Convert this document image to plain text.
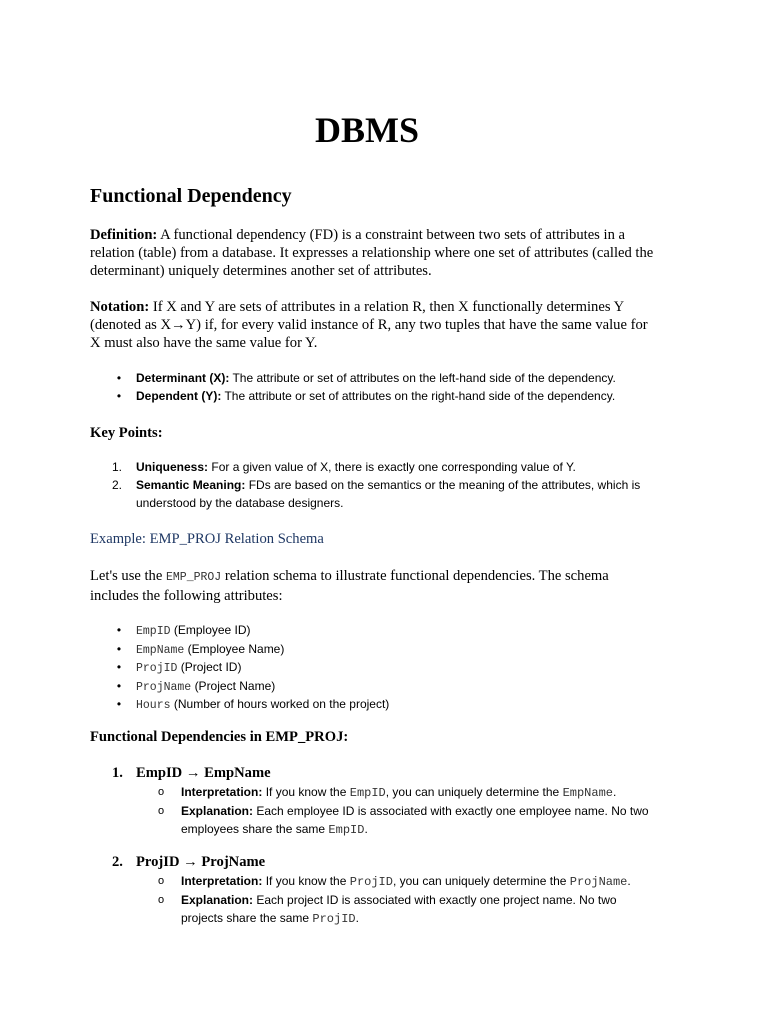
DBMS
Functional Dependency
Definition: A functional dependency (FD) is a constraint between two sets of attributes in a
relation (table) from a database. It expresses a relationship where one set of attributes (called the
determinant) uniquely determines another set of attributes.
Notation: If X and Y are sets of attributes in a relation R, then X functionally determines Y
(denoted as X→Y) if, for every valid instance of R, any two tuples that have the same value for
X must also have the same value for Y.
•	Determinant (X): The attribute or set of attributes on the left-hand side of the dependency.
•	Dependent (Y): The attribute or set of attributes on the right-hand side of the dependency.
Key Points:
1.	Uniqueness: For a given value of X, there is exactly one corresponding value of Y.
2.	Semantic Meaning: FDs are based on the semantics or the meaning of the attributes, which is
understood by the database designers.
Example: EMP_PROJ Relation Schema
Let's use the EMP_PROJ relation schema to illustrate functional dependencies. The schema
includes the following attributes:
•	EmpID (Employee ID)
•	EmpName (Employee Name)
•	ProjID (Project ID)
•	ProjName (Project Name)
•	Hours (Number of hours worked on the project)
Functional Dependencies in EMP_PROJ:
1. EmpID → EmpName
o Interpretation: If you know the EmpID, you can uniquely determine the EmpName.
o Explanation: Each employee ID is associated with exactly one employee name. No two
employees share the same EmpID.
2. ProjID → ProjName
o Interpretation: If you know the ProjID, you can uniquely determine the ProjName.
o Explanation: Each project ID is associated with exactly one project name. No two
projects share the same ProjID.
